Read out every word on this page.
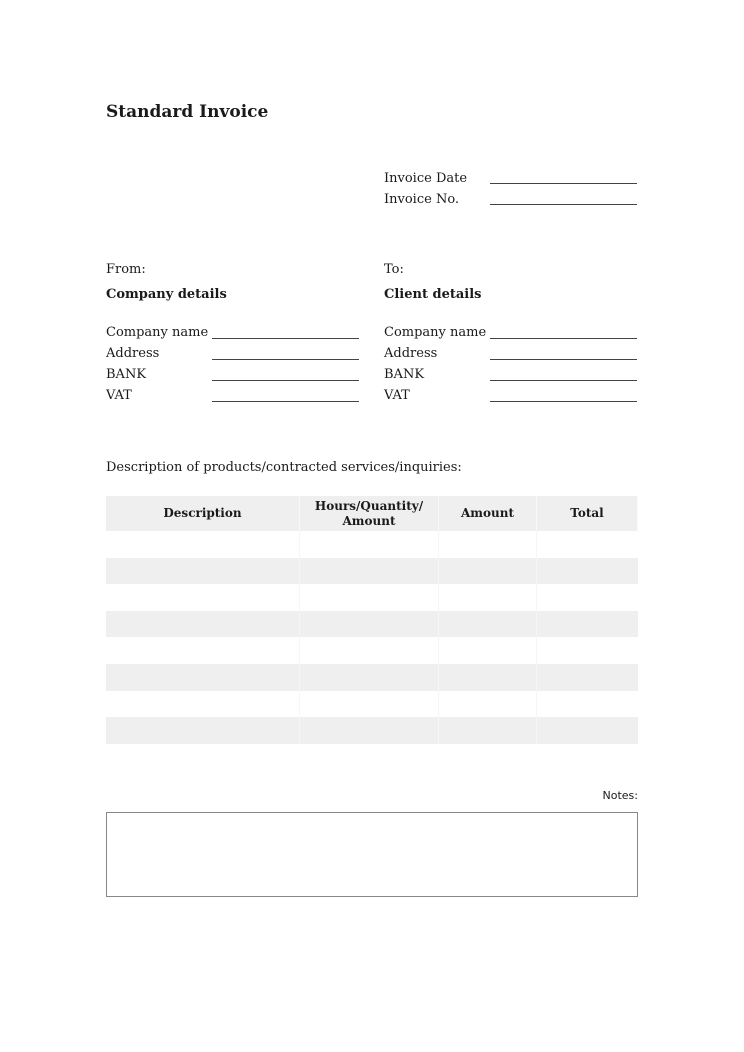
Standard Invoice
Invoice Date
Invoice No.
From:
Company details
Company name
Address
BANK
VAT
To:
Client details
Company name
Address
BANK
VAT
Description of products/contracted services/inquiries:
Description
Hours/Quantity/ Amount
Amount	Total
Notes:
